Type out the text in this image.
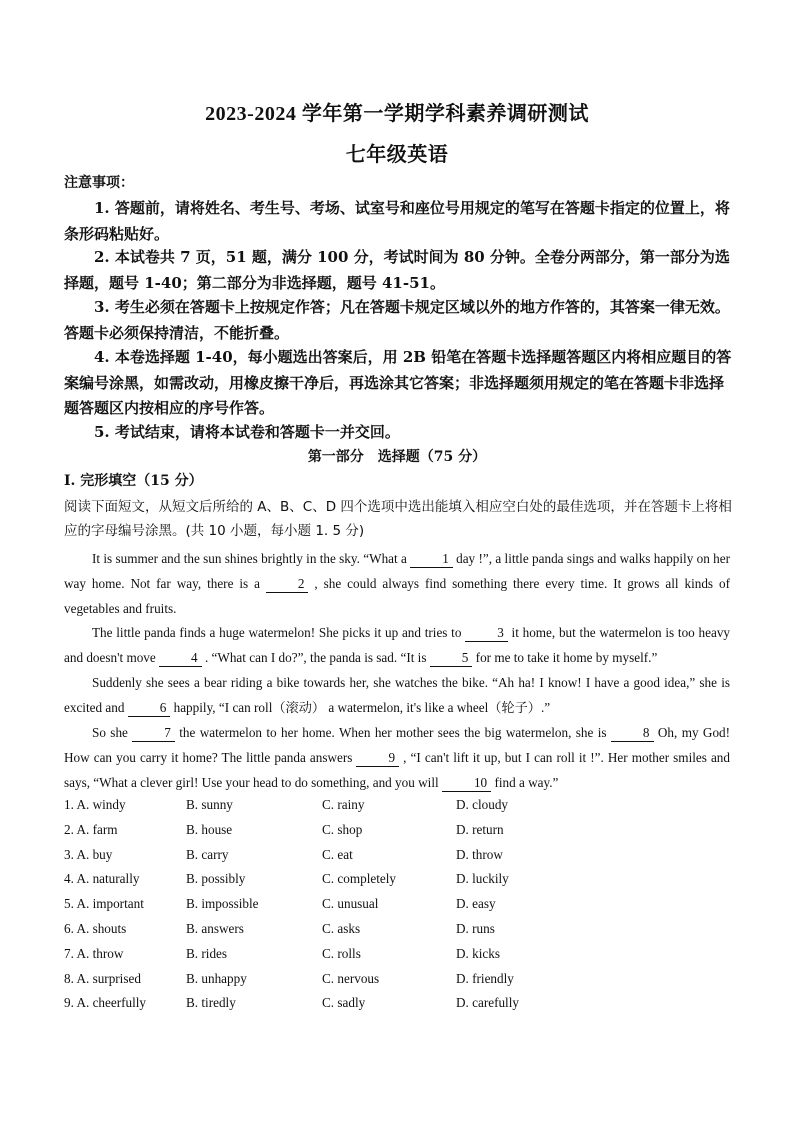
2023-2024 学年第一学期学科素养调研测试
七年级英语
注意事项：
1. 答题前，请将姓名、考生号、考场、试室号和座位号用规定的笔写在答题卡指定的位置上，将条形码粘贴好。
2. 本试卷共 7 页，51 题，满分 100 分，考试时间为 80 分钟。全卷分两部分，第一部分为选择题，题号 1-40；第二部分为非选择题，题号 41-51。
3. 考生必须在答题卡上按规定作答；凡在答题卡规定区域以外的地方作答的，其答案一律无效。答题卡必须保持清洁，不能折叠。
4. 本卷选择题 1-40，每小题选出答案后，用 2B 铅笔在答题卡选择题答题区内将相应题目的答案编号涂黑，如需改动，用橡皮擦干净后，再选涂其它答案；非选择题须用规定的笔在答题卡非选择题答题区内按相应的序号作答。
5. 考试结束，请将本试卷和答题卡一并交回。
第一部分　选择题（75 分）
I. 完形填空（15 分）
阅读下面短文，从短文后所给的 A、B、C、D 四个选项中选出能填入相应空白处的最佳选项，并在答题卡上将相应的字母编号涂黑。(共 10 小题，每小题 1. 5 分)

It is summer and the sun shines brightly in the sky. “What a	1 day !”, a little panda sings and walks happily on her way home. Not far way, there is a	2 , she could always find something there every time. It grows all kinds of vegetables and fruits.

The little panda finds a huge watermelon! She picks it up and tries to	3 it home, but the watermelon is too heavy and doesn't move	4 . “What can I do?”, the panda is sad. “It is	5 for me to take it home by myself.”

Suddenly she sees a bear riding a bike towards her, she watches the bike. “Ah ha! I know! I have a good idea,” she is excited and	6 happily, “I can roll（滚动） a watermelon, it's like a wheel（轮子）.”

So she	7 the watermelon to her home. When her mother sees the big watermelon, she is	8 Oh, my God! How can you carry it home? The little panda answers	9 , “I can't lift it up, but I can roll it !”. Her mother smiles and says, “What a clever girl! Use your head to do something, and you will	10 find a way.”

1. A. windy	B. sunny	C. rainy	D. cloudy
2. A. farm	B. house	C. shop	D. return
3. A. buy	B. carry	C. eat	D. throw
4. A. naturally	B. possibly	C. completely	D. luckily
5. A. important	B. impossible	C. unusual	D. easy
6. A. shouts	B. answers	C. asks	D. runs
7. A. throw	B. rides	C. rolls	D. kicks
8. A. surprised	B. unhappy	C. nervous	D. friendly
9. A. cheerfully	B. tiredly	C. sadly	D. carefully
